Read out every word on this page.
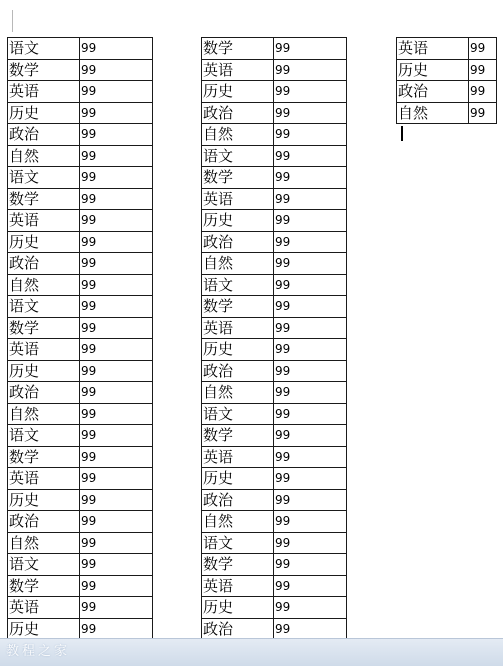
语文	99
数学	99
英语	99
历史	99
政治	99
自然	99
语文	99
数学	99
英语	99
历史	99
政治	99
自然	99
语文	99
数学	99
英语	99
历史	99
政治	99
自然	99
语文	99
数学	99
英语	99
历史	99
政治	99
自然	99
语文	99
数学	99
英语	99
历史	99
数学	99
英语	99
历史	99
政治	99
自然	99
语文	99
数学	99
英语	99
历史	99
政治	99
自然	99
语文	99
数学	99
英语	99
历史	99
政治	99
自然	99
语文	99
数学	99
英语	99
历史	99
政治	99
自然	99
语文	99
数学	99
英语	99
历史	99
政治	99
英语	99
历史	99
政治	99
自然	99
教程之家
